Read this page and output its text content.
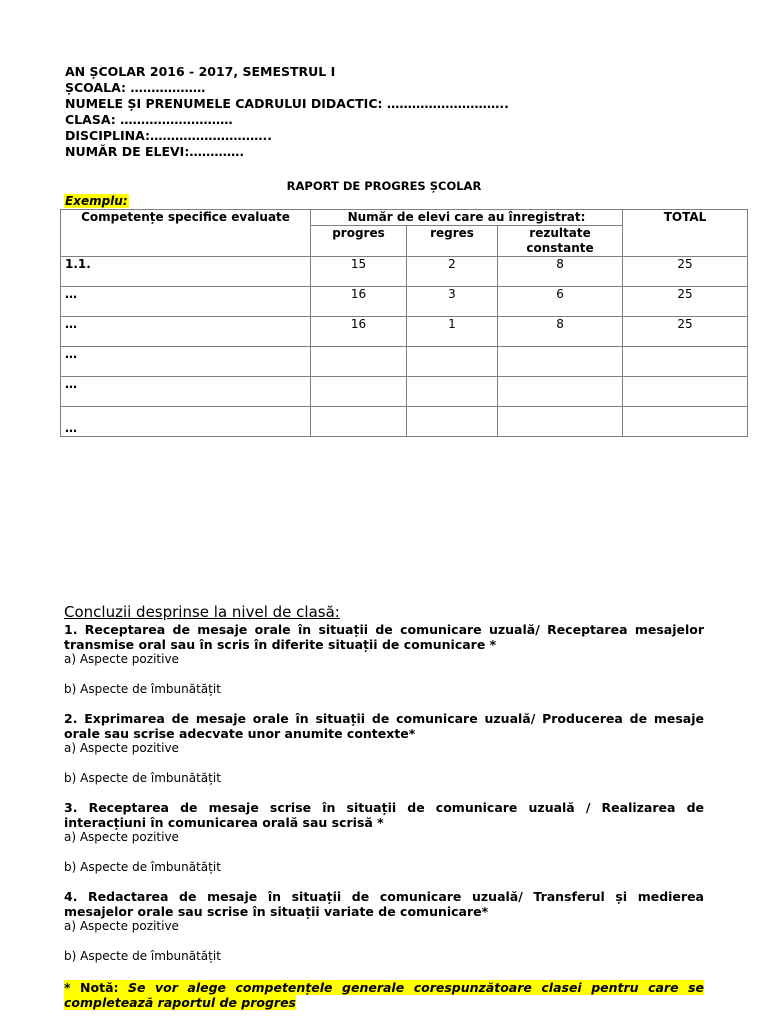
AN ȘCOLAR 2016 - 2017, SEMESTRUL I
ȘCOALA: ………………
NUMELE ȘI PRENUMELE CADRULUI DIDACTIC: ………………………..
CLASA: ………………………
DISCIPLINA:………………………..
NUMĂR DE ELEVI:………….
RAPORT DE PROGRES ȘCOLAR
Exemplu:
Competențe specifice evaluate	Număr de elevi care au înregistrat:			TOTAL
	progres	regres	rezultate constante	
1.1.	15	2	8	25
…	16	3	6	25
…	16	1	8	25
…				
…				
…				
Concluzii desprinse la nivel de clasă:
1. Receptarea de mesaje orale în situații de comunicare uzuală/ Receptarea mesajelor transmise oral sau în scris în diferite situații de comunicare *
a) Aspecte pozitive
b) Aspecte de îmbunătățit
2. Exprimarea de mesaje orale în situații de comunicare uzuală/ Producerea de mesaje orale sau scrise adecvate unor anumite contexte*
a) Aspecte pozitive
b) Aspecte de îmbunătățit
3. Receptarea de mesaje scrise în situații de comunicare uzuală / Realizarea de interacțiuni în comunicarea orală sau scrisă *
a) Aspecte pozitive
b) Aspecte de îmbunătățit
4. Redactarea de mesaje în situații de comunicare uzuală/ Transferul și medierea mesajelor orale sau scrise în situații variate de comunicare*
a) Aspecte pozitive
b) Aspecte de îmbunătățit
* Notă: Se vor alege competențele generale corespunzătoare clasei pentru care se completează raportul de progres
